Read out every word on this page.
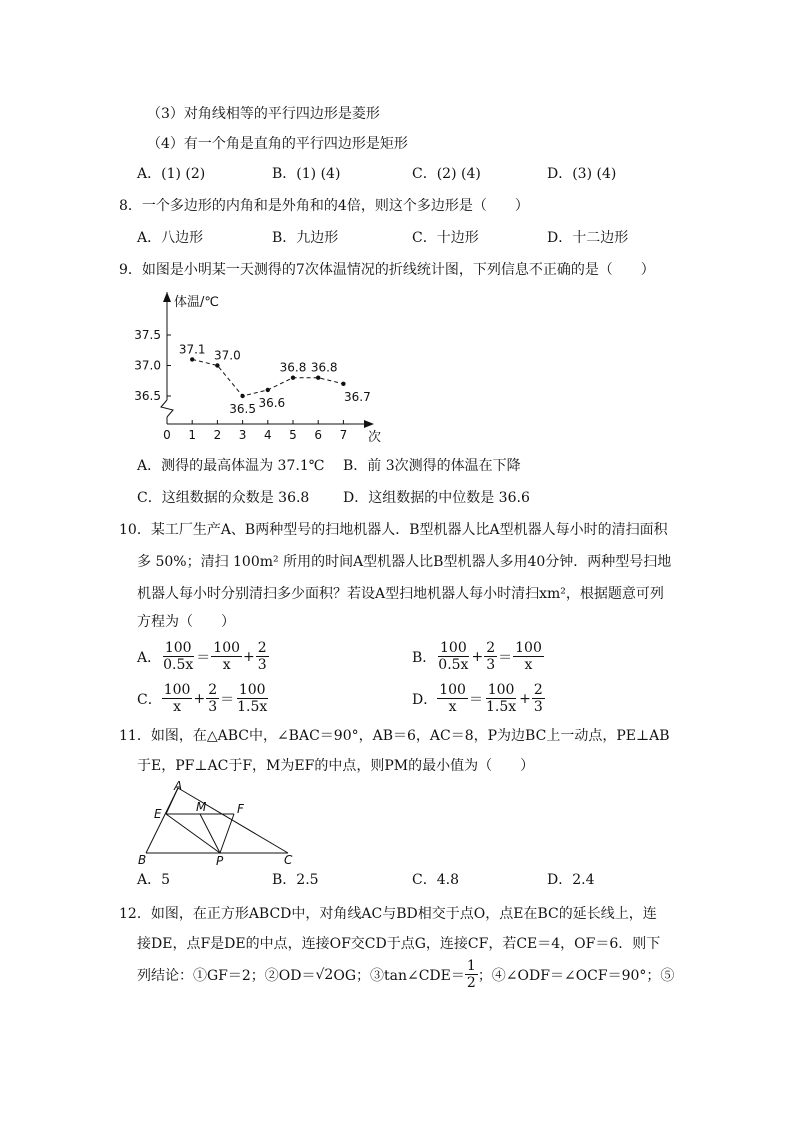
（3）对角线相等的平行四边形是菱形
（4）有一个角是直角的平行四边形是矩形
A．(1) (2)	B．(1) (4)	C．(2) (4)	D．(3) (4)
8．一个多边形的内角和是外角和的4倍，则这个多边形是（　　）
A．八边形	B．九边形	C．十边形	D．十二边形
9．如图是小明某一天测得的7次体温情况的折线统计图，下列信息不正确的是（　　）
体温/℃
次
0 1 2 3 4 5 6 7
36.5
37.0
37.5
37.1 37.0
36.5 36.6
36.8 36.8
36.7
A．测得的最高体温为 37.1℃ B．前 3次测得的体温在下降
C．这组数据的众数是 36.8 D．这组数据的中位数是 36.6
10．某工厂生产A、B两种型号的扫地机器人．B型机器人比A型机器人每小时的清扫面积
多 50%；清扫 100m² 所用的时间A型机器人比B型机器人多用40分钟．两种型号扫地
机器人每小时分别清扫多少面积？若设A型扫地机器人每小时清扫xm²，根据题意可列
方程为（　　）
A． $\frac{100}{0.5x} = \frac{100}{x} + \frac{2}{3}$	B． $\frac{100}{0.5x} + \frac{2}{3} = \frac{100}{x}$
C． $\frac{100}{x} + \frac{2}{3} = \frac{100}{1.5x}$	D． $\frac{100}{x} = \frac{100}{1.5x} + \frac{2}{3}$
11．如图，在△ABC中，∠BAC＝90°，AB＝6，AC＝8，P为边BC上一动点，PE⊥AB
于E，PF⊥AC于F，M为EF的中点，则PM的最小值为（　　）
A
E	M	F
B	P	C
A．5	B．2.5	C．4.8	D．2.4
12．如图，在正方形ABCD中，对角线AC与BD相交于点O，点E在BC的延长线上，连
接DE，点F是DE的中点，连接OF交CD于点G，连接CF，若CE＝4，OF＝6．则下
列结论：①GF＝2；②OD＝ √2 OG；③tan∠CDE＝ $\frac{1}{2}$ ；④∠ODF＝∠OCF＝90°；⑤
